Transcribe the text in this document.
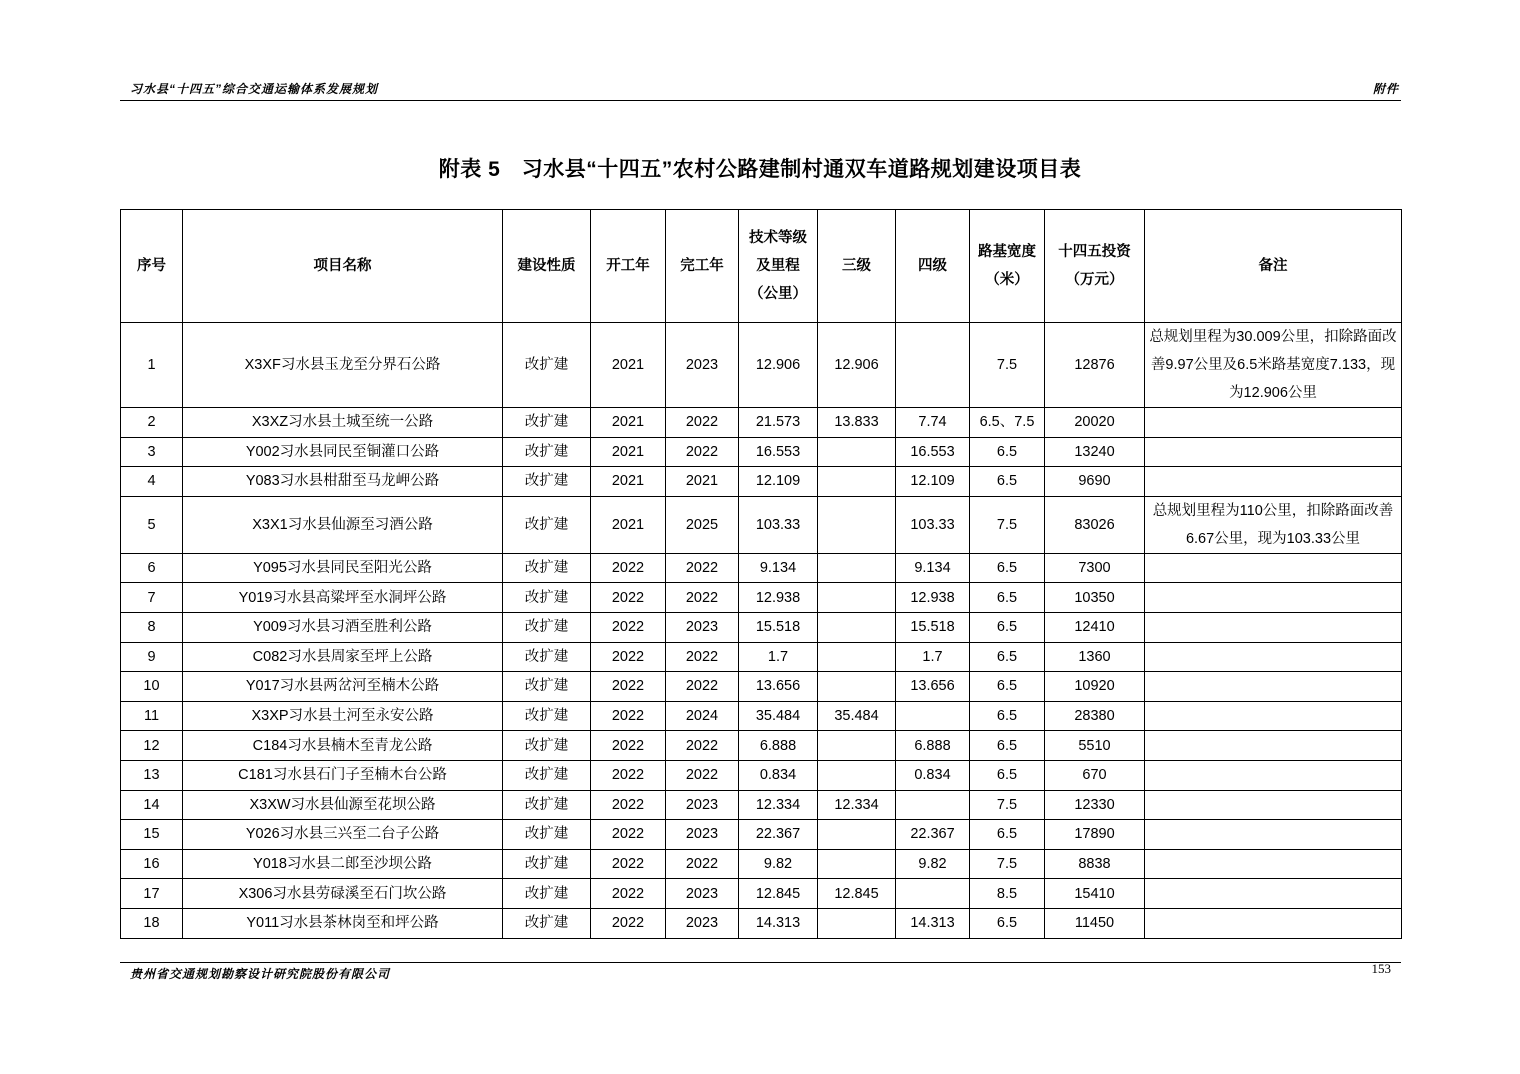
习水县“十四五”综合交通运输体系发展规划	附件
附表 5　习水县“十四五”农村公路建制村通双车道路规划建设项目表
序号	项目名称	建设性质	开工年	完工年	技术等级及里程（公里）	三级	四级	路基宽度（米）	十四五投资（万元）	备注
1	X3XF习水县玉龙至分界石公路	改扩建	2021	2023	12.906	12.906		7.5	12876	总规划里程为30.009公里，扣除路面改善9.97公里及6.5米路基宽度7.133，现为12.906公里
2	X3XZ习水县土城至统一公路	改扩建	2021	2022	21.573	13.833	7.74	6.5、7.5	20020	
3	Y002习水县同民至铜灌口公路	改扩建	2021	2022	16.553		16.553	6.5	13240	
4	Y083习水县柑甜至马龙岬公路	改扩建	2021	2021	12.109		12.109	6.5	9690	
5	X3X1习水县仙源至习酒公路	改扩建	2021	2025	103.33		103.33	7.5	83026	总规划里程为110公里，扣除路面改善6.67公里，现为103.33公里
6	Y095习水县同民至阳光公路	改扩建	2022	2022	9.134		9.134	6.5	7300	
7	Y019习水县高粱坪至水洞坪公路	改扩建	2022	2022	12.938		12.938	6.5	10350	
8	Y009习水县习酒至胜利公路	改扩建	2022	2023	15.518		15.518	6.5	12410	
9	C082习水县周家至坪上公路	改扩建	2022	2022	1.7		1.7	6.5	1360	
10	Y017习水县两岔河至楠木公路	改扩建	2022	2022	13.656		13.656	6.5	10920	
11	X3XP习水县土河至永安公路	改扩建	2022	2024	35.484	35.484		6.5	28380	
12	C184习水县楠木至青龙公路	改扩建	2022	2022	6.888		6.888	6.5	5510	
13	C181习水县石门子至楠木台公路	改扩建	2022	2022	0.834		0.834	6.5	670	
14	X3XW习水县仙源至花坝公路	改扩建	2022	2023	12.334	12.334		7.5	12330	
15	Y026习水县三兴至二台子公路	改扩建	2022	2023	22.367		22.367	6.5	17890	
16	Y018习水县二郎至沙坝公路	改扩建	2022	2022	9.82		9.82	7.5	8838	
17	X306习水县劳碌溪至石门坎公路	改扩建	2022	2023	12.845	12.845		8.5	15410	
18	Y011习水县茶林岗至和坪公路	改扩建	2022	2023	14.313		14.313	6.5	11450	
贵州省交通规划勘察设计研究院股份有限公司	153
